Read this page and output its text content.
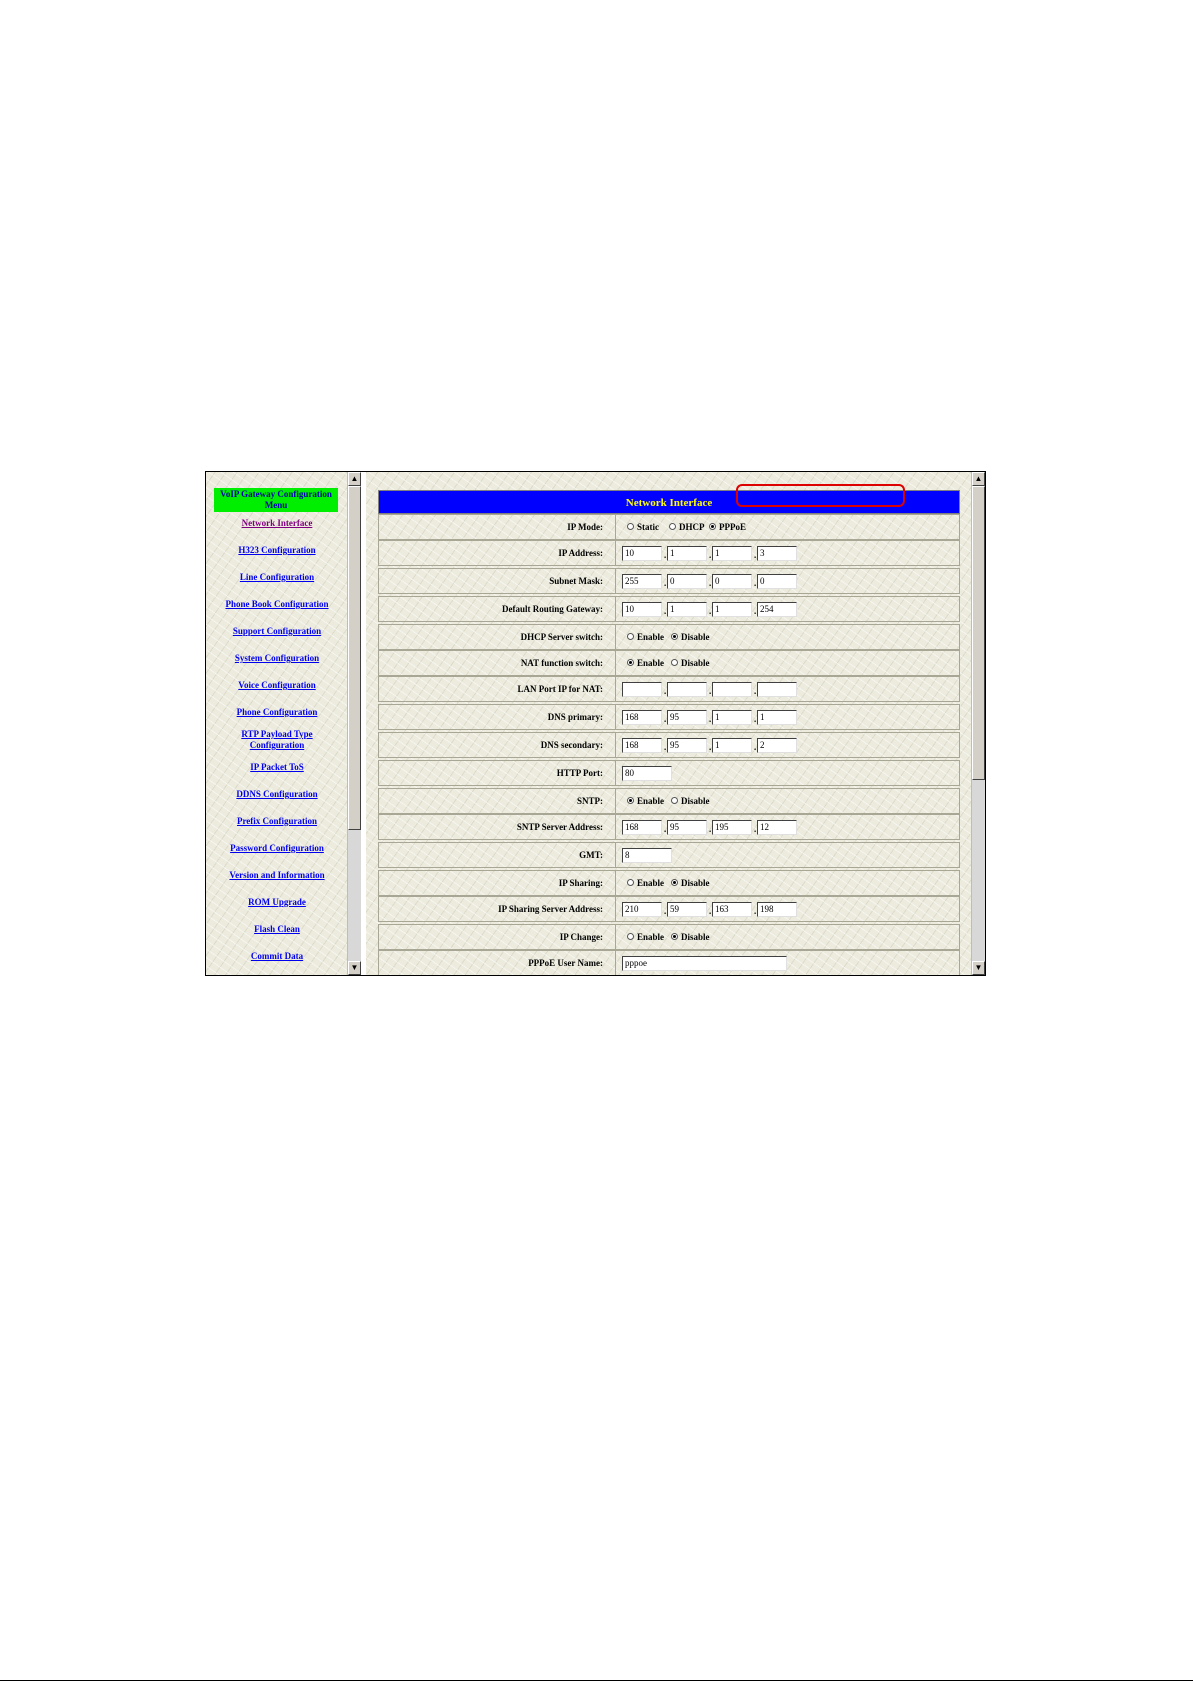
VoIP Gateway Configuration Menu
Network Interface
H323 Configuration
Line Configuration
Phone Book Configuration
Support Configuration
System Configuration
Voice Configuration
Phone Configuration
RTP Payload Type Configuration
IP Packet ToS
DDNS Configuration
Prefix Configuration
Password Configuration
Version and Information
ROM Upgrade
Flash Clean
Commit Data
▲
▼
Network Interface
IP Mode:	Static DHCP PPPoE
IP Address:	10	. 1	. 1	. 3
Subnet Mask:	255	. 0	. 0	. 0
Default Routing Gateway:	10	. 1	. 1	. 254
DHCP Server switch:	Enable Disable
NAT function switch:	Enable Disable
LAN Port IP for NAT:	.	.	.
DNS primary:	168	. 95	. 1	. 1
DNS secondary:	168	. 95	. 1	. 2
HTTP Port:	80
SNTP:	Enable Disable
SNTP Server Address:	168	. 95	. 195	. 12
GMT:	8
IP Sharing:	Enable Disable
IP Sharing Server Address:	210	. 59	. 163	. 198
IP Change:	Enable Disable
PPPoE User Name:	pppoe
▲
▼
